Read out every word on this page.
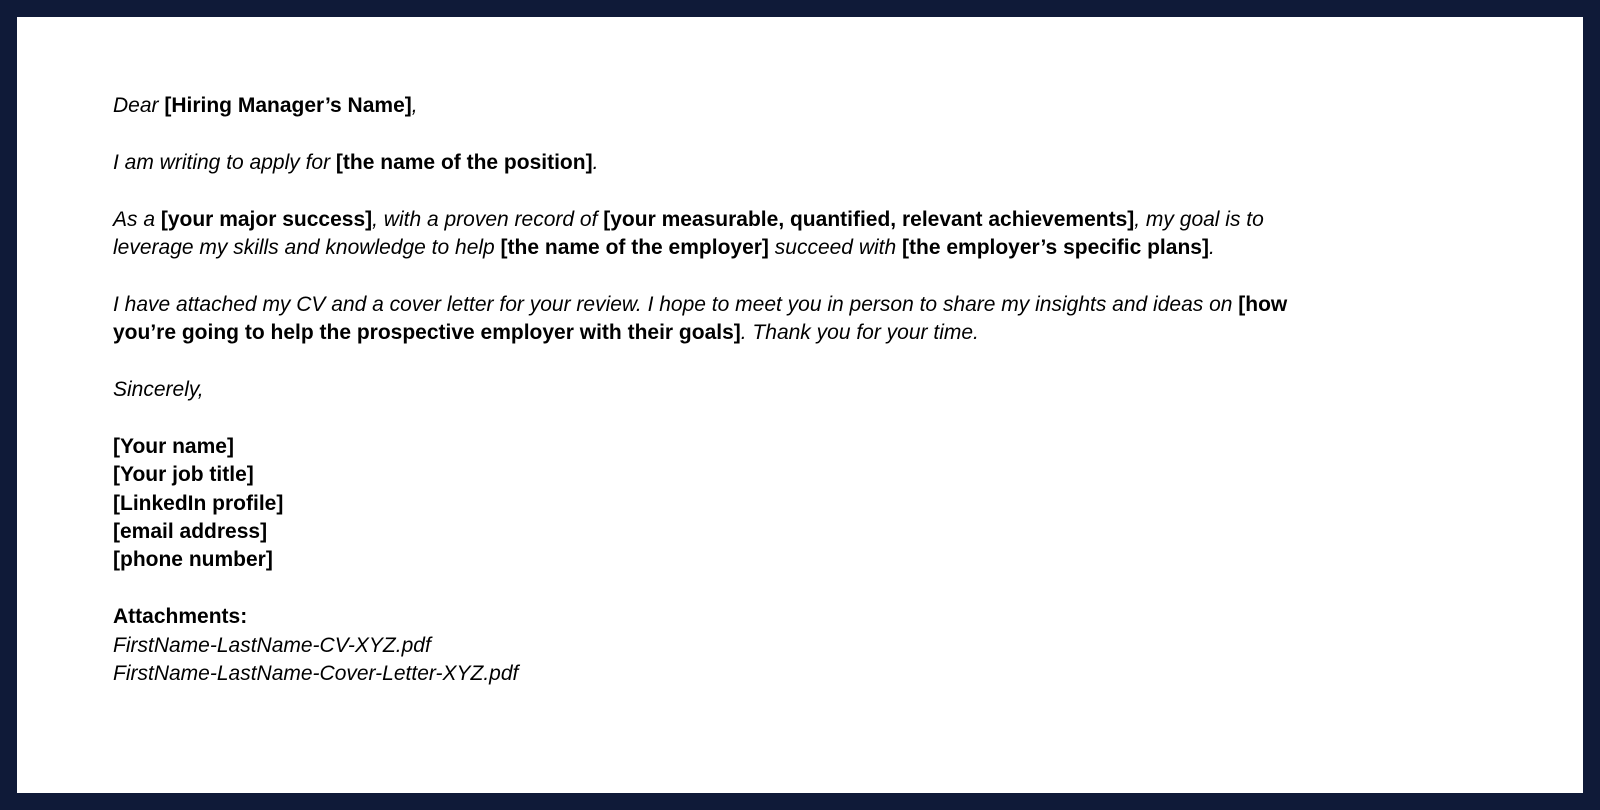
Dear [Hiring Manager’s Name],
I am writing to apply for [the name of the position].
As a [your major success], with a proven record of [your measurable, quantified, relevant achievements], my goal is to
leverage my skills and knowledge to help [the name of the employer] succeed with [the employer’s specific plans].
I have attached my CV and a cover letter for your review. I hope to meet you in person to share my insights and ideas on [how
you’re going to help the prospective employer with their goals]. Thank you for your time.
Sincerely,
[Your name]
[Your job title]
[LinkedIn profile]
[email address]
[phone number]
Attachments:
FirstName-LastName-CV-XYZ.pdf
FirstName-LastName-Cover-Letter-XYZ.pdf
